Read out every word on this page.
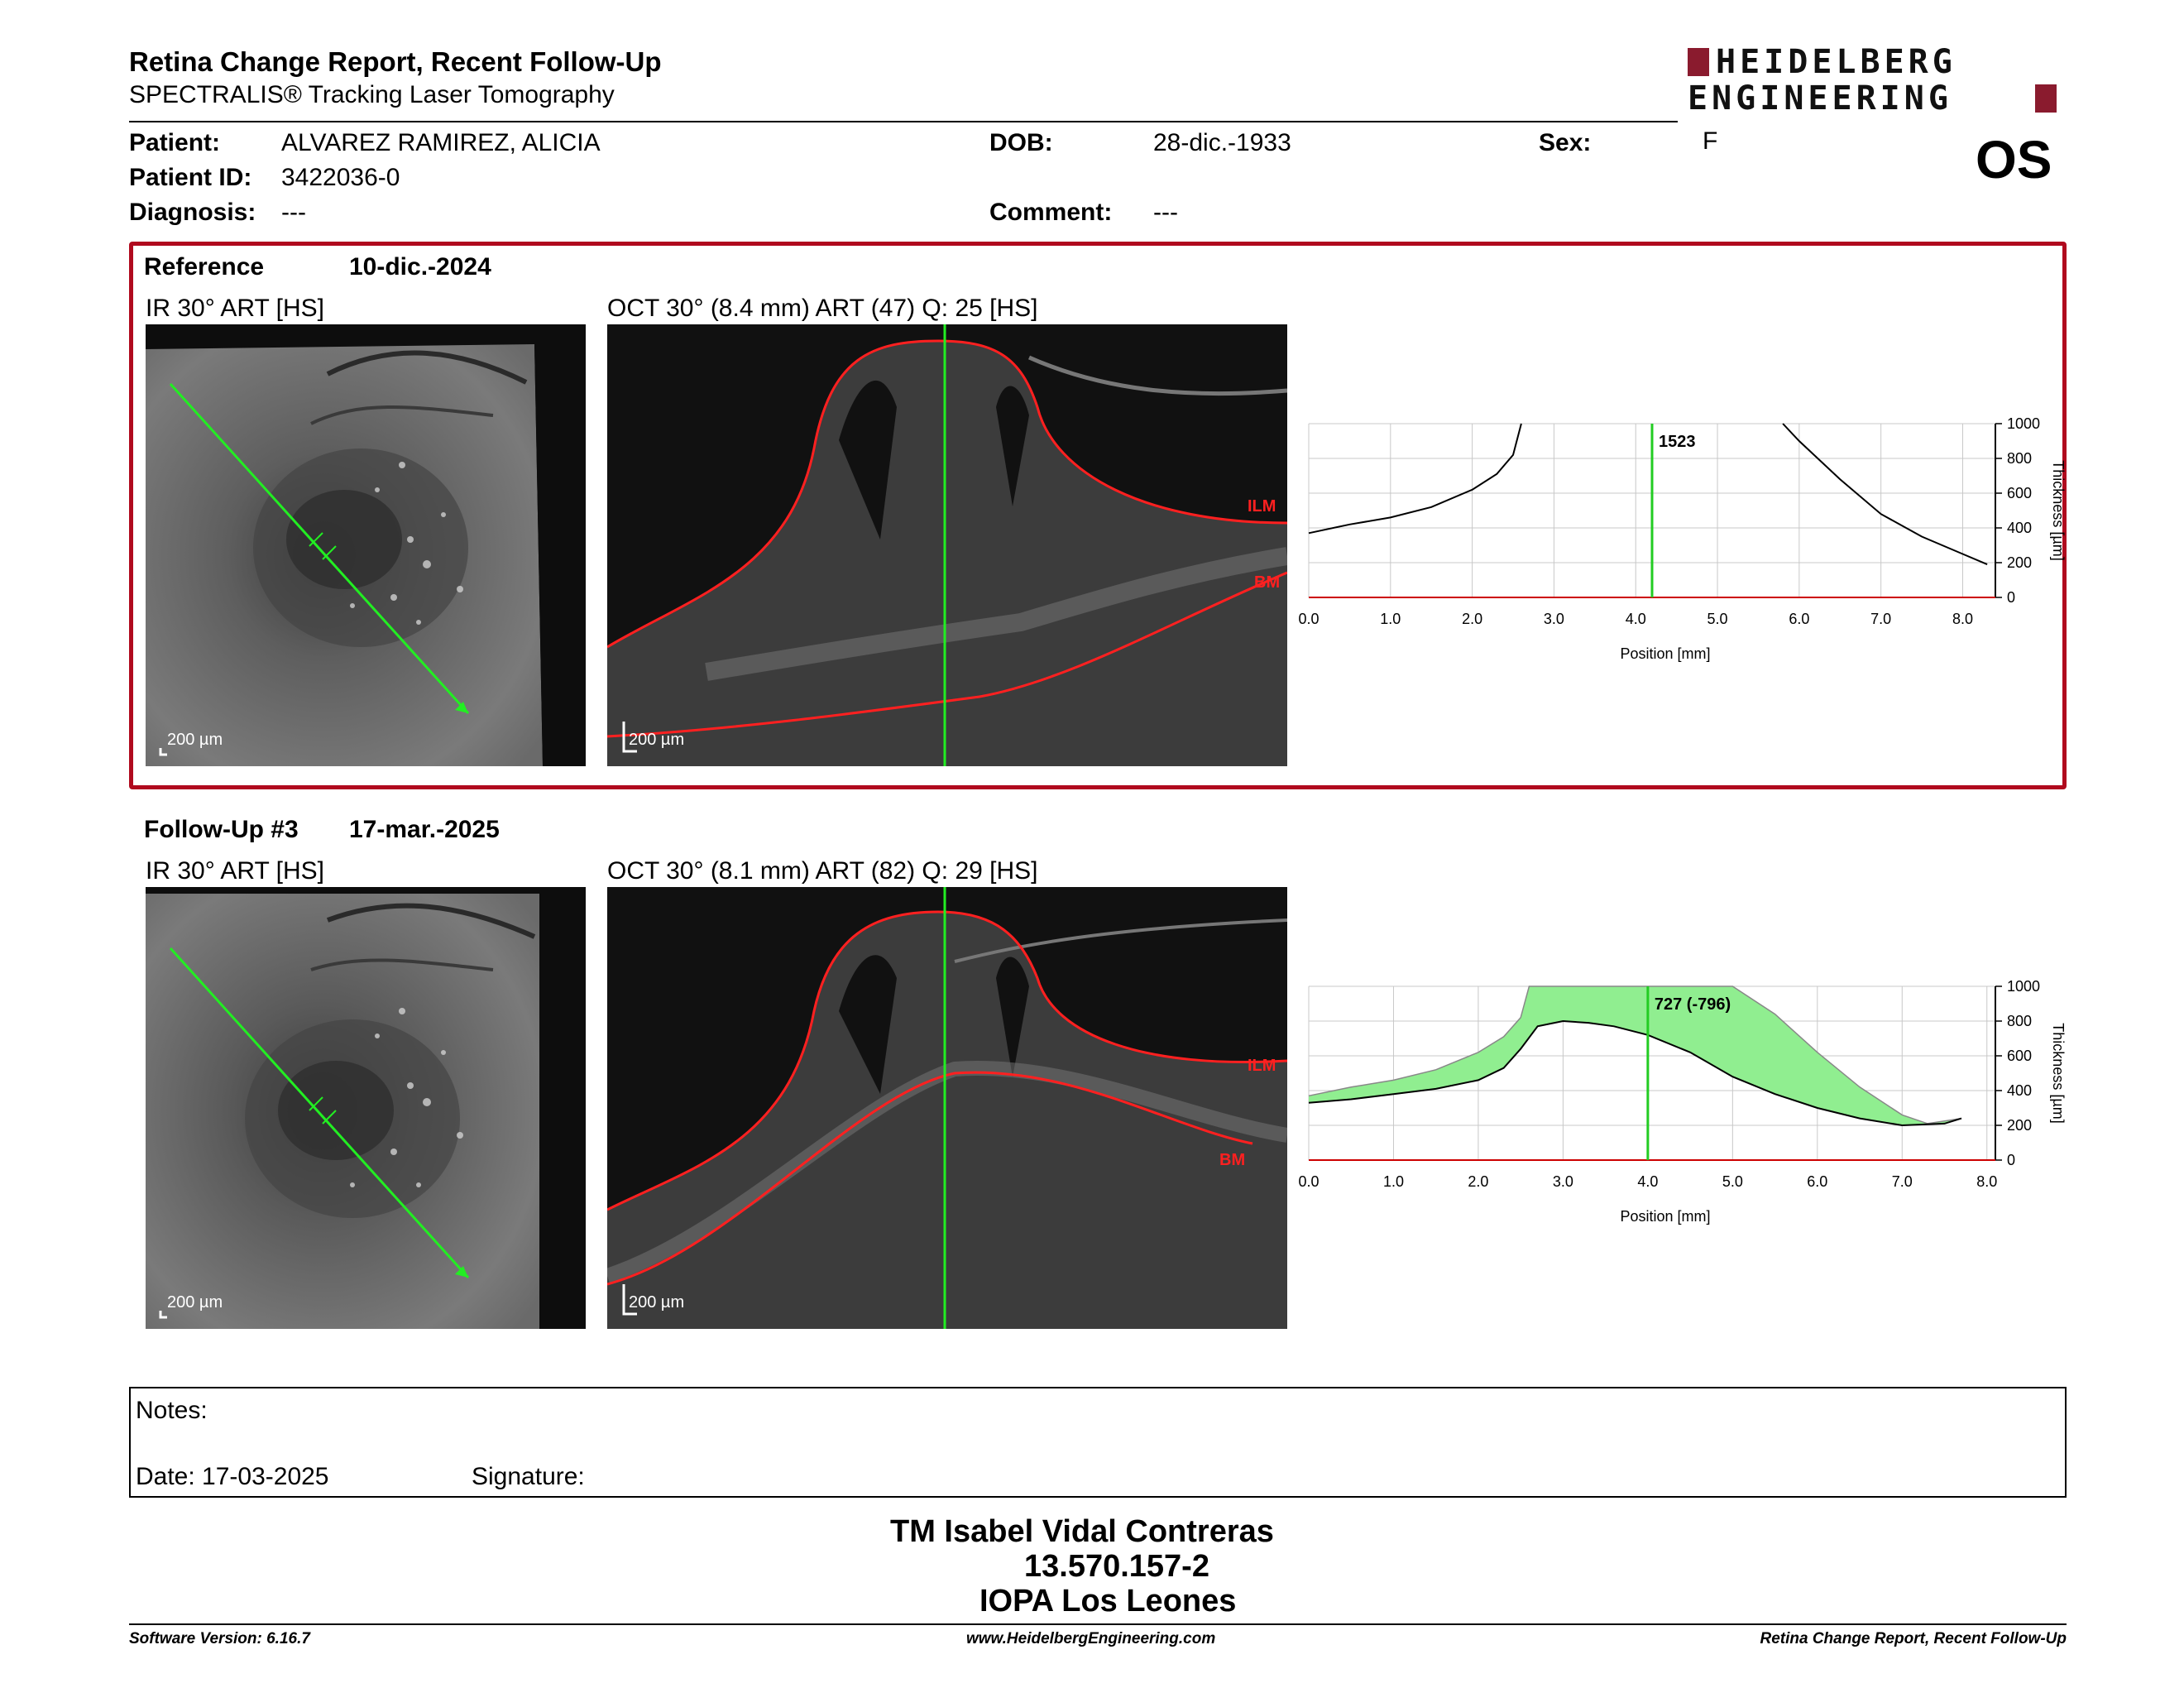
Retina Change Report, Recent Follow-Up
SPECTRALIS® Tracking Laser Tomography
HEIDELBERG
ENGINEERING
Patient: ALVAREZ RAMIREZ, ALICIA
Patient ID: 3422036-0
Diagnosis: ---
DOB:	28-dic.-1933
Comment: ---
Sex:	F	OS
Reference	10-dic.-2024
IR 30° ART [HS]	OCT 30° (8.4 mm) ART (47) Q: 25 [HS]
200 µm
ILM
BM
200 µm
0.0	1.0	2.0	3.0	4.0	5.0	6.0	7.0	8.0
0
200
400
600
800
1000
1523
Position [mm]
Thickness [µm]
Follow-Up #3 17-mar.-2025
IR 30° ART [HS]	OCT 30° (8.1 mm) ART (82) Q: 29 [HS]
200 µm
ILM
BM
200 µm
0.0	1.0	2.0	3.0	4.0	5.0	6.0	7.0	8.0
0
200
400
600
800
1000
727 (-796)
Position [mm]
Thickness [µm]
Notes:
Date: 17-03-2025	Signature:
TM Isabel Vidal Contreras
13.570.157-2
IOPA Los Leones
Software Version: 6.16.7	www.HeidelbergEngineering.com	Retina Change Report, Recent Follow-Up
